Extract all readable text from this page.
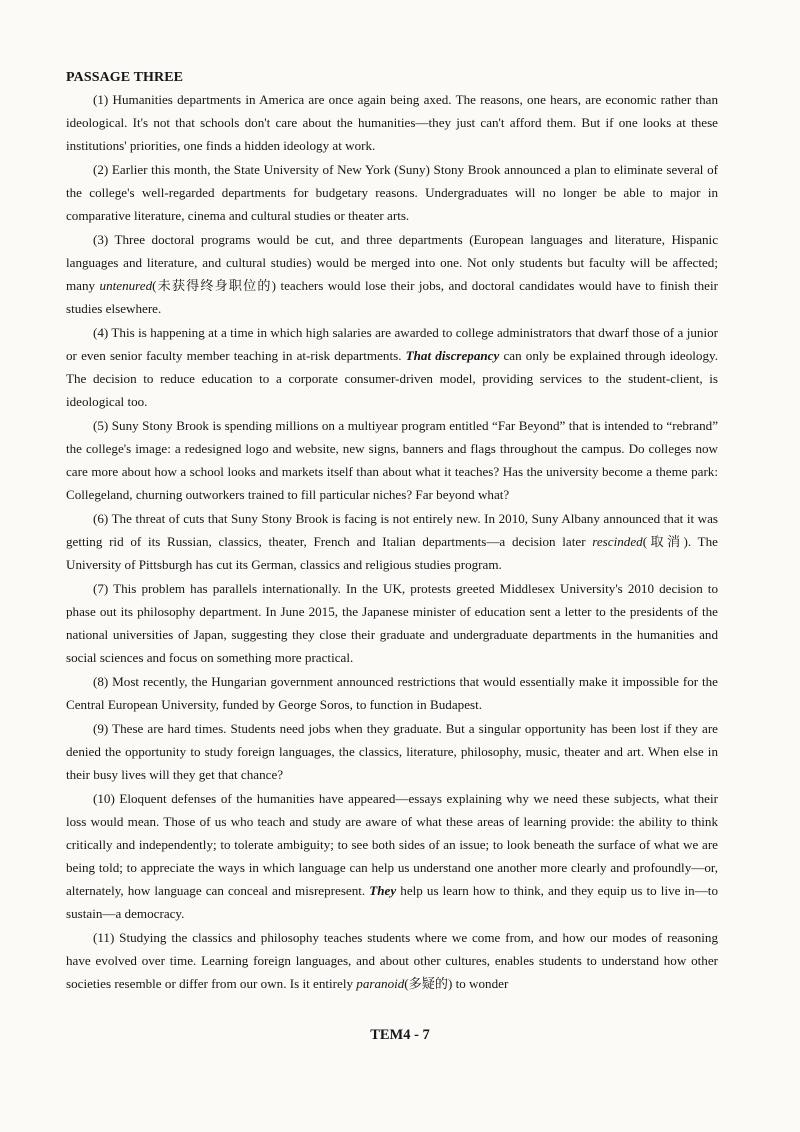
PASSAGE THREE

(1) Humanities departments in America are once again being axed. The reasons, one hears, are economic rather than ideological. It's not that schools don't care about the humanities—they just can't afford them. But if one looks at these institutions' priorities, one finds a hidden ideology at work.

(2) Earlier this month, the State University of New York (Suny) Stony Brook announced a plan to eliminate several of the college's well-regarded departments for budgetary reasons. Undergraduates will no longer be able to major in comparative literature, cinema and cultural studies or theater arts.

(3) Three doctoral programs would be cut, and three departments (European languages and literature, Hispanic languages and literature, and cultural studies) would be merged into one. Not only students but faculty will be affected; many untenured(未获得终身职位的) teachers would lose their jobs, and doctoral candidates would have to finish their studies elsewhere.

(4) This is happening at a time in which high salaries are awarded to college administrators that dwarf those of a junior or even senior faculty member teaching in at-risk departments. That discrepancy can only be explained through ideology. The decision to reduce education to a corporate consumer-driven model, providing services to the student-client, is ideological too.

(5) Suny Stony Brook is spending millions on a multiyear program entitled “Far Beyond” that is intended to “rebrand” the college's image: a redesigned logo and website, new signs, banners and flags throughout the campus. Do colleges now care more about how a school looks and markets itself than about what it teaches? Has the university become a theme park: Collegeland, churning outworkers trained to fill particular niches? Far beyond what?

(6) The threat of cuts that Suny Stony Brook is facing is not entirely new. In 2010, Suny Albany announced that it was getting rid of its Russian, classics, theater, French and Italian departments—a decision later rescinded(取消). The University of Pittsburgh has cut its German, classics and religious studies program.

(7) This problem has parallels internationally. In the UK, protests greeted Middlesex University's 2010 decision to phase out its philosophy department. In June 2015, the Japanese minister of education sent a letter to the presidents of the national universities of Japan, suggesting they close their graduate and undergraduate departments in the humanities and social sciences and focus on something more practical.

(8) Most recently, the Hungarian government announced restrictions that would essentially make it impossible for the Central European University, funded by George Soros, to function in Budapest.

(9) These are hard times. Students need jobs when they graduate. But a singular opportunity has been lost if they are denied the opportunity to study foreign languages, the classics, literature, philosophy, music, theater and art. When else in their busy lives will they get that chance?

(10) Eloquent defenses of the humanities have appeared—essays explaining why we need these subjects, what their loss would mean. Those of us who teach and study are aware of what these areas of learning provide: the ability to think critically and independently; to tolerate ambiguity; to see both sides of an issue; to look beneath the surface of what we are being told; to appreciate the ways in which language can help us understand one another more clearly and profoundly—or, alternately, how language can conceal and misrepresent. They help us learn how to think, and they equip us to live in—to sustain—a democracy.

(11) Studying the classics and philosophy teaches students where we come from, and how our modes of reasoning have evolved over time. Learning foreign languages, and about other cultures, enables students to understand how other societies resemble or differ from our own. Is it entirely paranoid(多疑的) to wonder

TEM4 - 7
